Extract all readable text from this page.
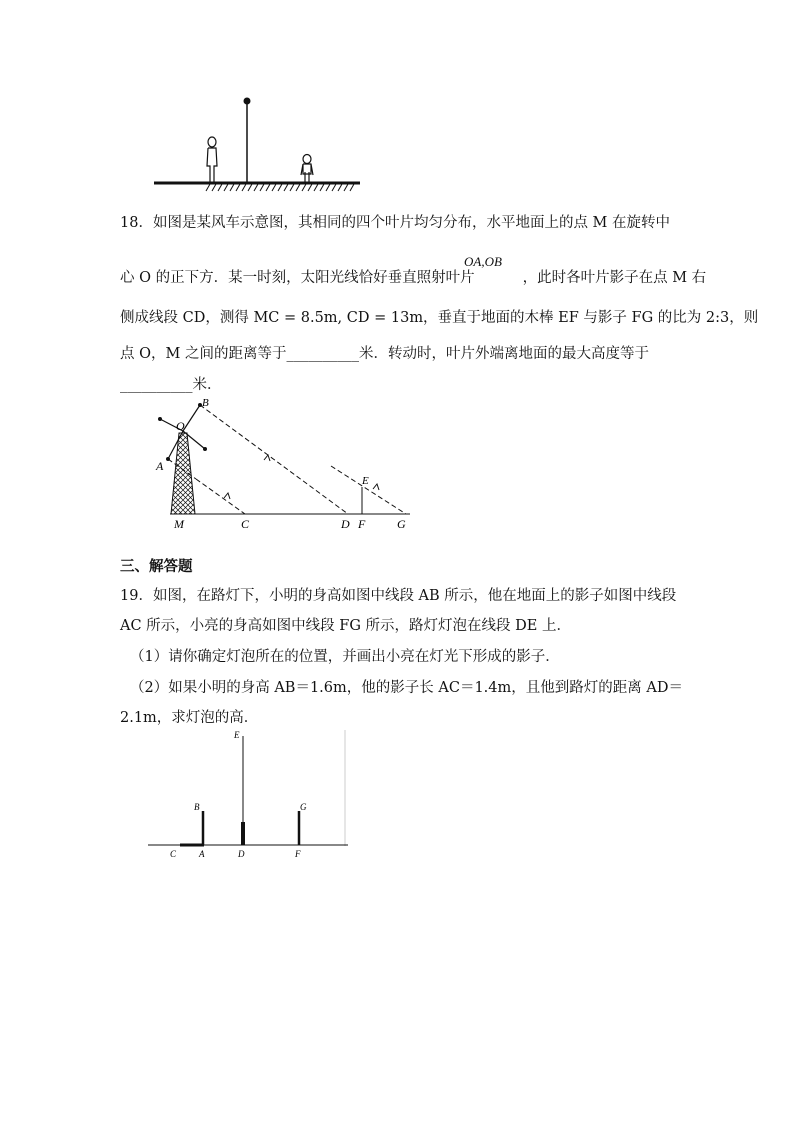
18．如图是某风车示意图，其相同的四个叶片均匀分布，水平地面上的点 M 在旋转中
OA,OB
心 O 的正下方．某一时刻，太阳光线恰好垂直照射叶片	，此时各叶片影子在点 M 右
侧成线段 CD，测得 MC = 8.5m, CD = 13m，垂直于地面的木棒 EF 与影子 FG 的比为 2:3，则
点 O，M 之间的距离等于__________米．转动时，叶片外端离地面的最大高度等于
__________米．
B
O
A
E
M	C	D F	G
三、解答题
19．如图，在路灯下，小明的身高如图中线段 AB 所示，他在地面上的影子如图中线段
AC 所示，小亮的身高如图中线段 FG 所示，路灯灯泡在线段 DE 上．
（1）请你确定灯泡所在的位置，并画出小亮在灯光下形成的影子．
（2）如果小明的身高 AB＝1.6m，他的影子长 AC＝1.4m，且他到路灯的距离 AD＝
2.1m，求灯泡的高．
E
B	G
C	A	D	F
